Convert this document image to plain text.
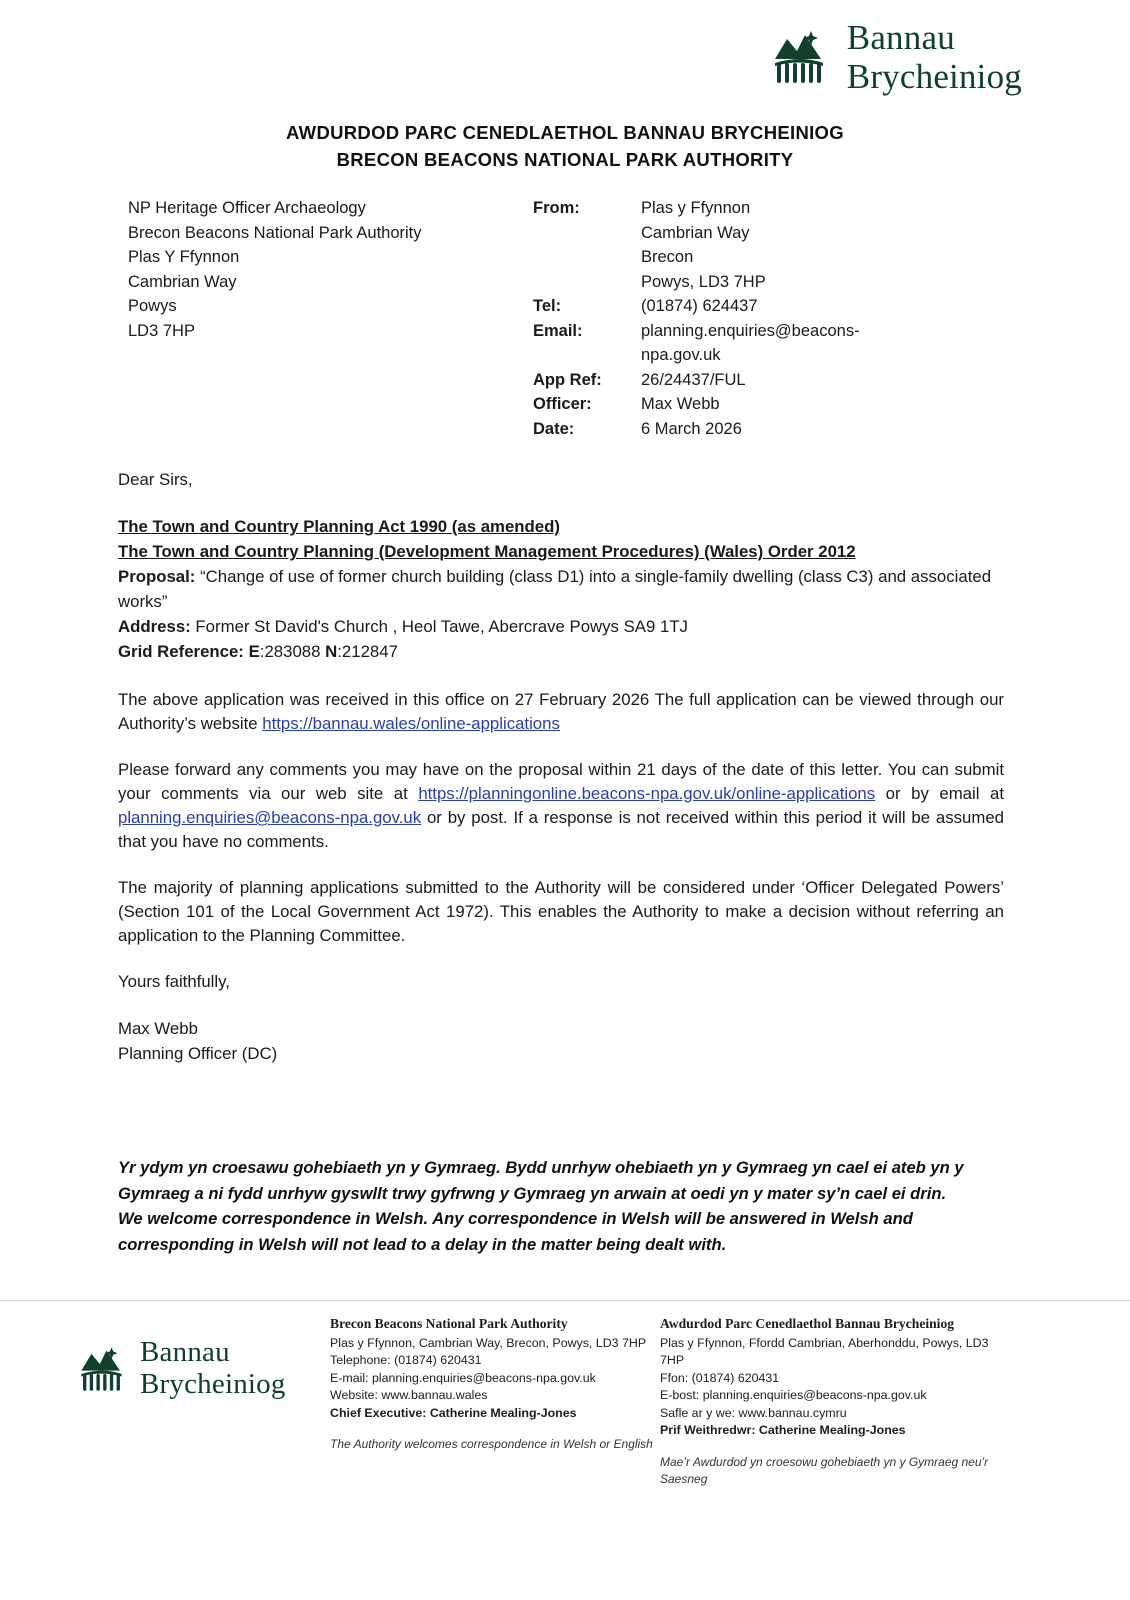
Bannau
Brycheiniog
AWDURDOD PARC CENEDLAETHOL BANNAU BRYCHEINIOG
BRECON BEACONS NATIONAL PARK AUTHORITY
NP Heritage Officer Archaeology
Brecon Beacons National Park Authority
Plas Y Ffynnon
Cambrian Way
Powys
LD3 7HP
From:	Plas y Ffynnon
Cambrian Way
Brecon
Powys, LD3 7HP
Tel:	(01874) 624437
Email:	planning.enquiries@beacons-
npa.gov.uk
App Ref:	26/24437/FUL
Officer:	Max Webb
Date:	6 March 2026

Dear Sirs,

The Town and Country Planning Act 1990 (as amended)
The Town and Country Planning (Development Management Procedures) (Wales) Order 2012
Proposal: “Change of use of former church building (class D1) into a single-family dwelling (class C3) and associated works”
Address: Former St David's Church , Heol Tawe, Abercrave Powys SA9 1TJ
Grid Reference: E:283088 N:212847

The above application was received in this office on 27 February 2026 The full application can be viewed through our Authority’s website https://bannau.wales/online-applications

Please forward any comments you may have on the proposal within 21 days of the date of this letter. You can submit your comments via our web site at https://planningonline.beacons-npa.gov.uk/online-applications or by email at planning.enquiries@beacons-npa.gov.uk or by post. If a response is not received within this period it will be assumed that you have no comments.

The majority of planning applications submitted to the Authority will be considered under ‘Officer Delegated Powers’ (Section 101 of the Local Government Act 1972). This enables the Authority to make a decision without referring an application to the Planning Committee.

Yours faithfully,

Max Webb

Planning Officer (DC)

Yr ydym yn croesawu gohebiaeth yn y Gymraeg. Bydd unrhyw ohebiaeth yn y Gymraeg yn cael ei ateb yn y Gymraeg a ni fydd unrhyw gyswllt trwy gyfrwng y Gymraeg yn arwain at oedi yn y mater sy’n cael ei drin.
We welcome correspondence in Welsh. Any correspondence in Welsh will be answered in Welsh and corresponding in Welsh will not lead to a delay in the matter being dealt with.
Bannau
Brycheiniog
Brecon Beacons National Park Authority
Plas y Ffynnon, Cambrian Way, Brecon, Powys, LD3 7HP
Telephone: (01874) 620431
E-mail: planning.enquiries@beacons-npa.gov.uk
Website: www.bannau.wales
Chief Executive: Catherine Mealing-Jones
The Authority welcomes correspondence in Welsh or English
Awdurdod Parc Cenedlaethol Bannau Brycheiniog
Plas y Ffynnon, Ffordd Cambrian, Aberhonddu, Powys, LD3 7HP
Ffon: (01874) 620431
E-bost: planning.enquiries@beacons-npa.gov.uk
Safle ar y we: www.bannau.cymru
Prif Weithredwr: Catherine Mealing-Jones
Mae’r Awdurdod yn croesowu gohebiaeth yn y Gymraeg neu’r Saesneg
